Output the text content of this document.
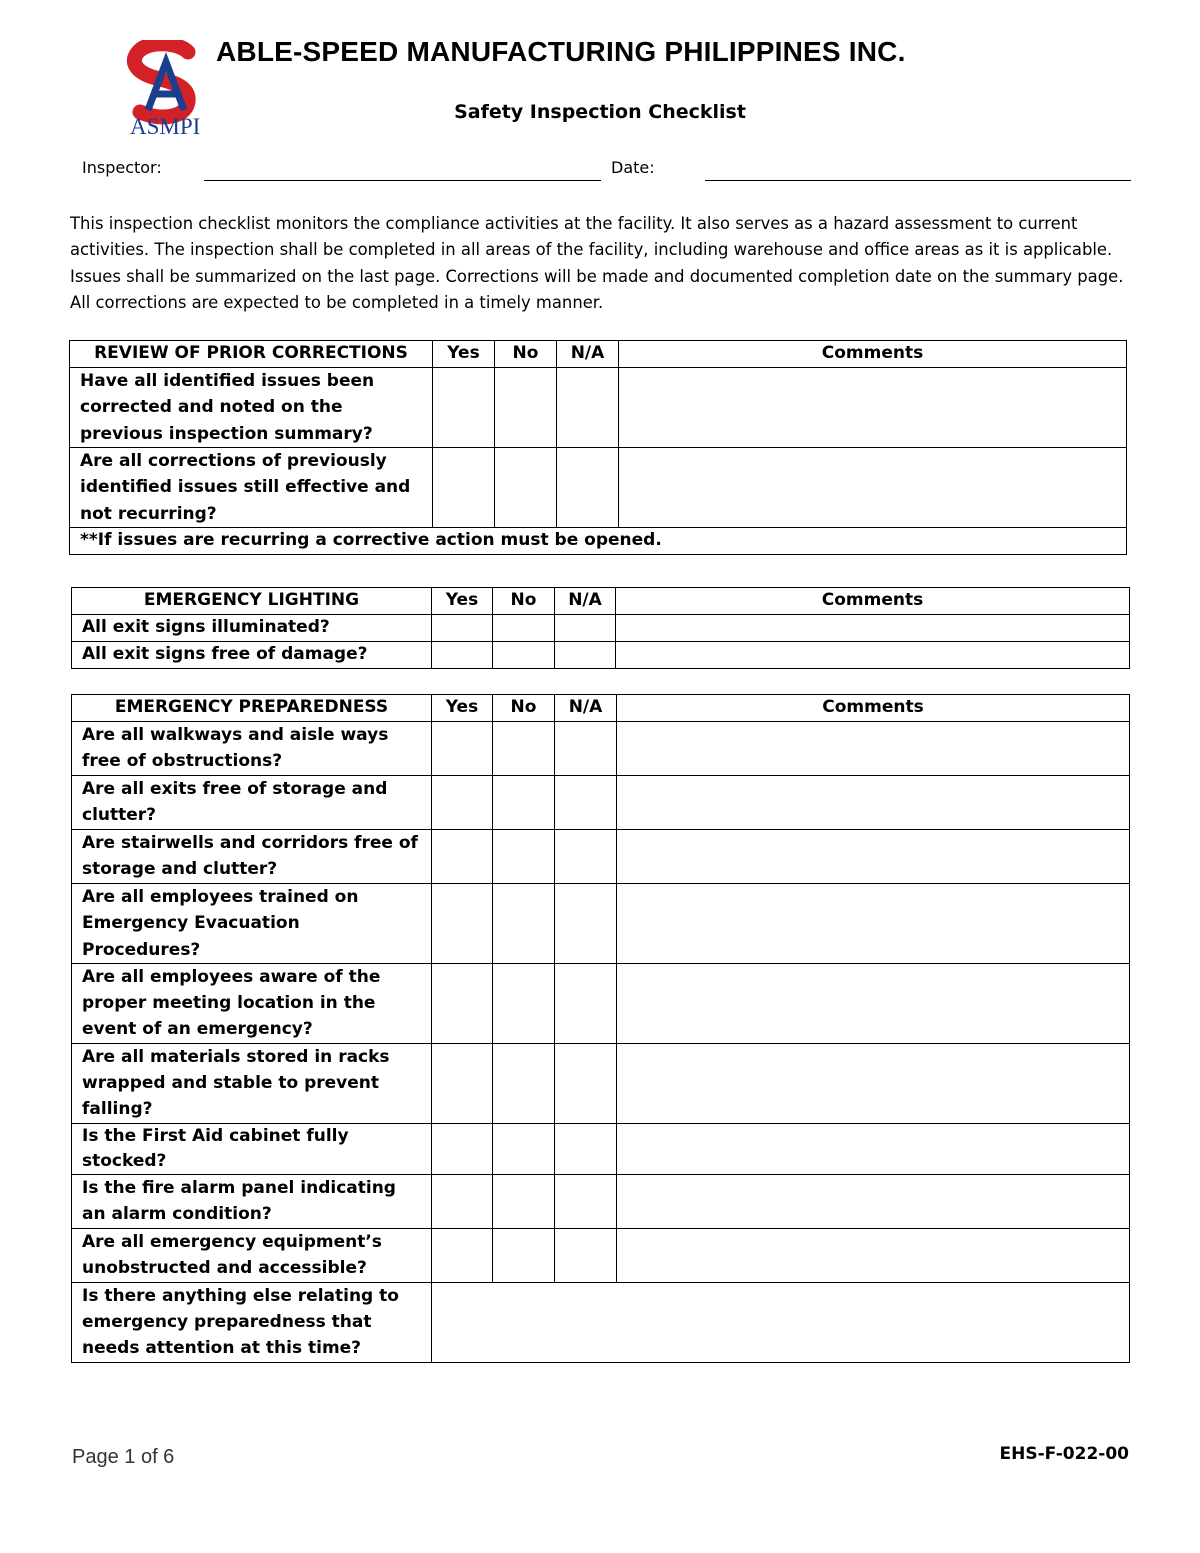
ASMPI
ABLE-SPEED MANUFACTURING PHILIPPINES INC.
Safety Inspection Checklist
Inspector:	Date:
This inspection checklist monitors the compliance activities at the facility. It also serves as a hazard assessment to current activities. The inspection shall be completed in all areas of the facility, including warehouse and office areas as it is applicable. Issues shall be summarized on the last page. Corrections will be made and documented completion date on the summary page. All corrections are expected to be completed in a timely manner.
REVIEW OF PRIOR CORRECTIONS	Yes	No	N/A	Comments
Have all identified issues been corrected and noted on the previous inspection summary?				
Are all corrections of previously identified issues still effective and not recurring?				
**If issues are recurring a corrective action must be opened.				
EMERGENCY LIGHTING	Yes	No	N/A	Comments
All exit signs illuminated?				
All exit signs free of damage?				
EMERGENCY PREPAREDNESS	Yes	No	N/A	Comments
Are all walkways and aisle ways free of obstructions?				
Are all exits free of storage and clutter?				
Are stairwells and corridors free of storage and clutter?				
Are all employees trained on Emergency Evacuation Procedures?				
Are all employees aware of the proper meeting location in the event of an emergency?				
Are all materials stored in racks wrapped and stable to prevent falling?				
Is the First Aid cabinet fully stocked?				
Is the fire alarm panel indicating an alarm condition?				
Are all emergency equipment’s unobstructed and accessible?				
Is there anything else relating to emergency preparedness that needs attention at this time?				
Page 1 of 6	EHS-F-022-00
